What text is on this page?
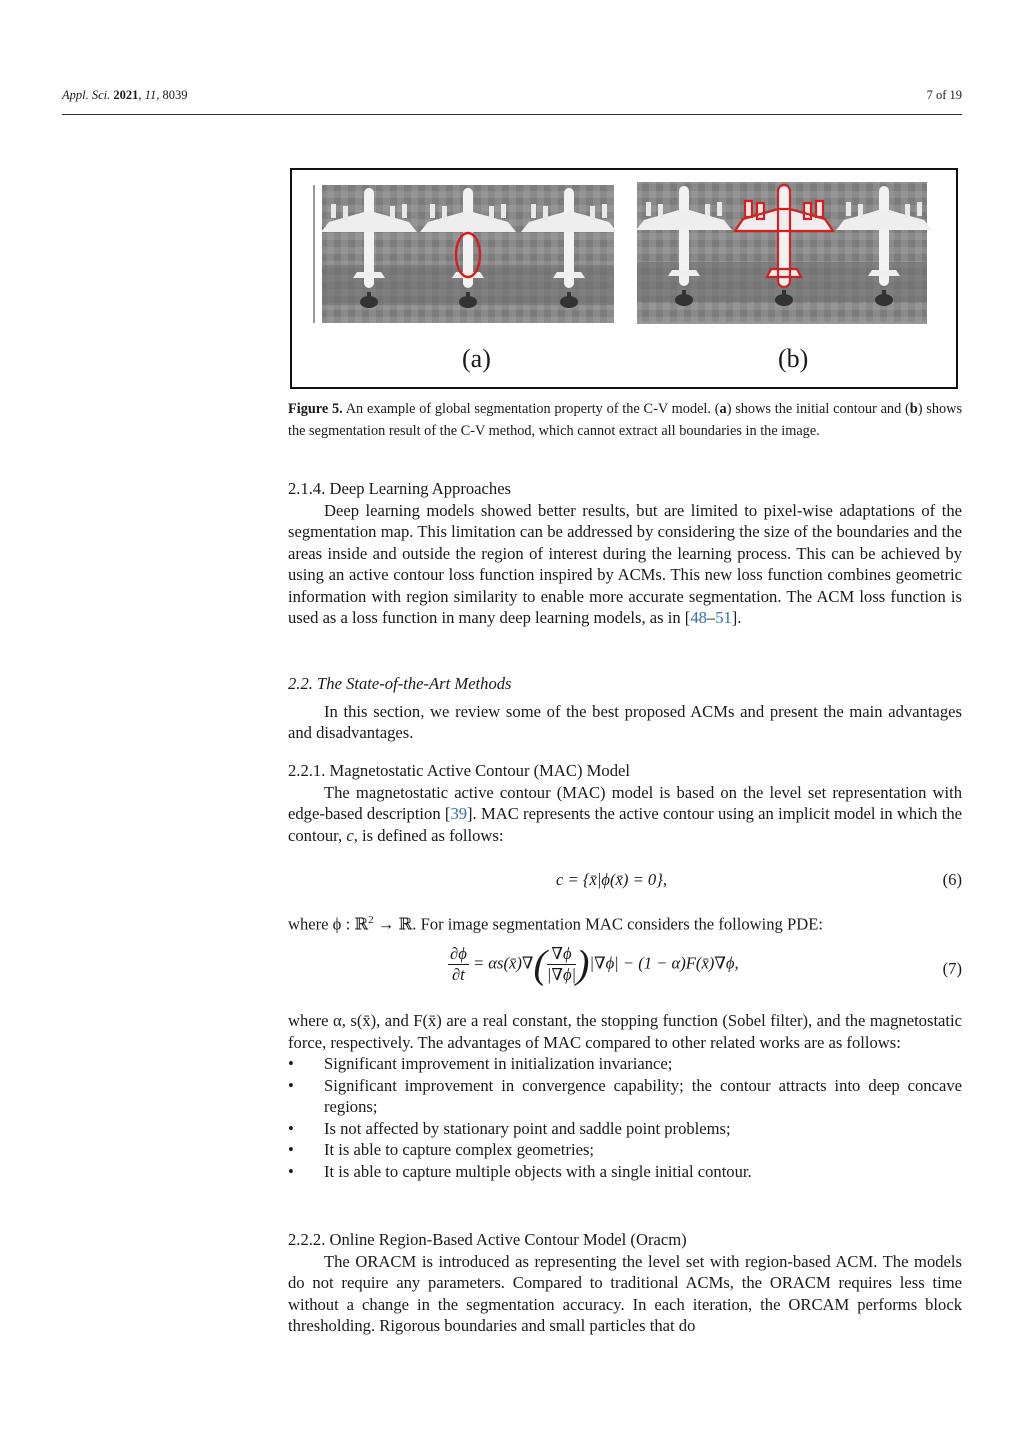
Appl. Sci. 2021, 11, 8039	7 of 19
(a)	(b)
Figure 5. An example of global segmentation property of the C-V model. (a) shows the initial contour and (b) shows the segmentation result of the C-V method, which cannot extract all boundaries in the image.
2.1.4. Deep Learning Approaches

Deep learning models showed better results, but are limited to pixel-wise adaptations of the segmentation map. This limitation can be addressed by considering the size of the boundaries and the areas inside and outside the region of interest during the learning process. This can be achieved by using an active contour loss function inspired by ACMs. This new loss function combines geometric information with region similarity to enable more accurate segmentation. The ACM loss function is used as a loss function in many deep learning models, as in [48–51].

2.2. The State-of-the-Art Methods

In this section, we review some of the best proposed ACMs and present the main advantages and disadvantages.

2.2.1. Magnetostatic Active Contour (MAC) Model

The magnetostatic active contour (MAC) model is based on the level set representation with edge-based description [39]. MAC represents the active contour using an implicit model in which the contour, c, is defined as follows:

c = {x̄|ϕ(x̄) = 0},	(6)
where ϕ : ℝ$^2$ → ℝ. For image segmentation MAC considers the following PDE:
$\frac{\partial\phi}{\partial t}$ = αs(x̄)∇( $\frac{\nabla\phi}{|\nabla\phi|} )|\nabla\phi| - (1$ − α)F(x̄)∇ϕ,	(7)

where α, s(x̄), and F(x̄) are a real constant, the stopping function (Sobel filter), and the magnetostatic force, respectively. The advantages of MAC compared to other related works are as follows:

• Significant improvement in initialization invariance;
• Significant improvement in convergence capability; the contour attracts into deep concave regions;
• Is not affected by stationary point and saddle point problems;
• It is able to capture complex geometries;
• It is able to capture multiple objects with a single initial contour.
2.2.2. Online Region-Based Active Contour Model (Oracm)

The ORACM is introduced as representing the level set with region-based ACM. The models do not require any parameters. Compared to traditional ACMs, the ORACM requires less time without a change in the segmentation accuracy. In each iteration, the ORCAM performs block thresholding. Rigorous boundaries and small particles that do
